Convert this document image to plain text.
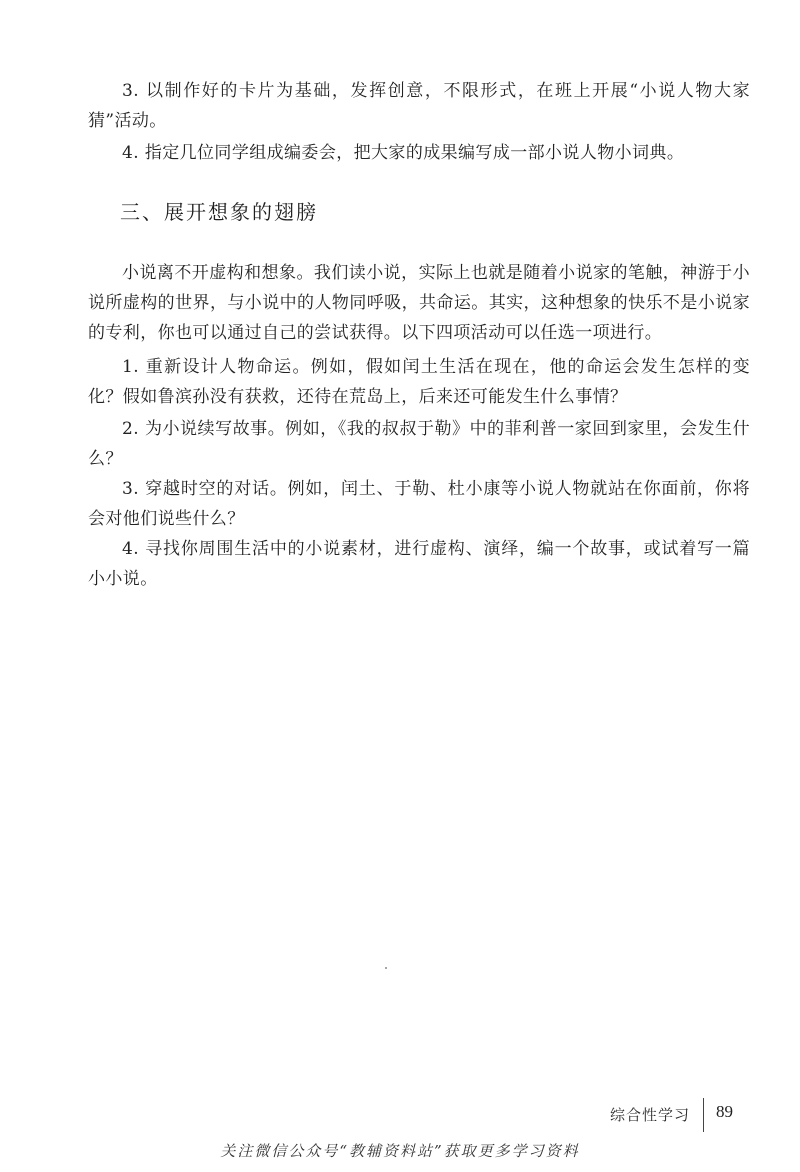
3. 以制作好的卡片为基础，发挥创意，不限形式，在班上开展“小说人物大家猜”活动。

4. 指定几位同学组成编委会，把大家的成果编写成一部小说人物小词典。

三、展开想象的翅膀

小说离不开虚构和想象。我们读小说，实际上也就是随着小说家的笔触，神游于小说所虚构的世界，与小说中的人物同呼吸，共命运。其实，这种想象的快乐不是小说家的专利，你也可以通过自己的尝试获得。以下四项活动可以任选一项进行。

1. 重新设计人物命运。例如，假如闰土生活在现在，他的命运会发生怎样的变化？假如鲁滨孙没有获救，还待在荒岛上，后来还可能发生什么事情？

2. 为小说续写故事。例如，《我的叔叔于勒》中的菲利普一家回到家里，会发生什么？

3. 穿越时空的对话。例如，闰土、于勒、杜小康等小说人物就站在你面前，你将会对他们说些什么？

4. 寻找你周围生活中的小说素材，进行虚构、演绎，编一个故事，或试着写一篇小小说。

综合性学习 89
关注微信公众号“教辅资料站”获取更多学习资料
